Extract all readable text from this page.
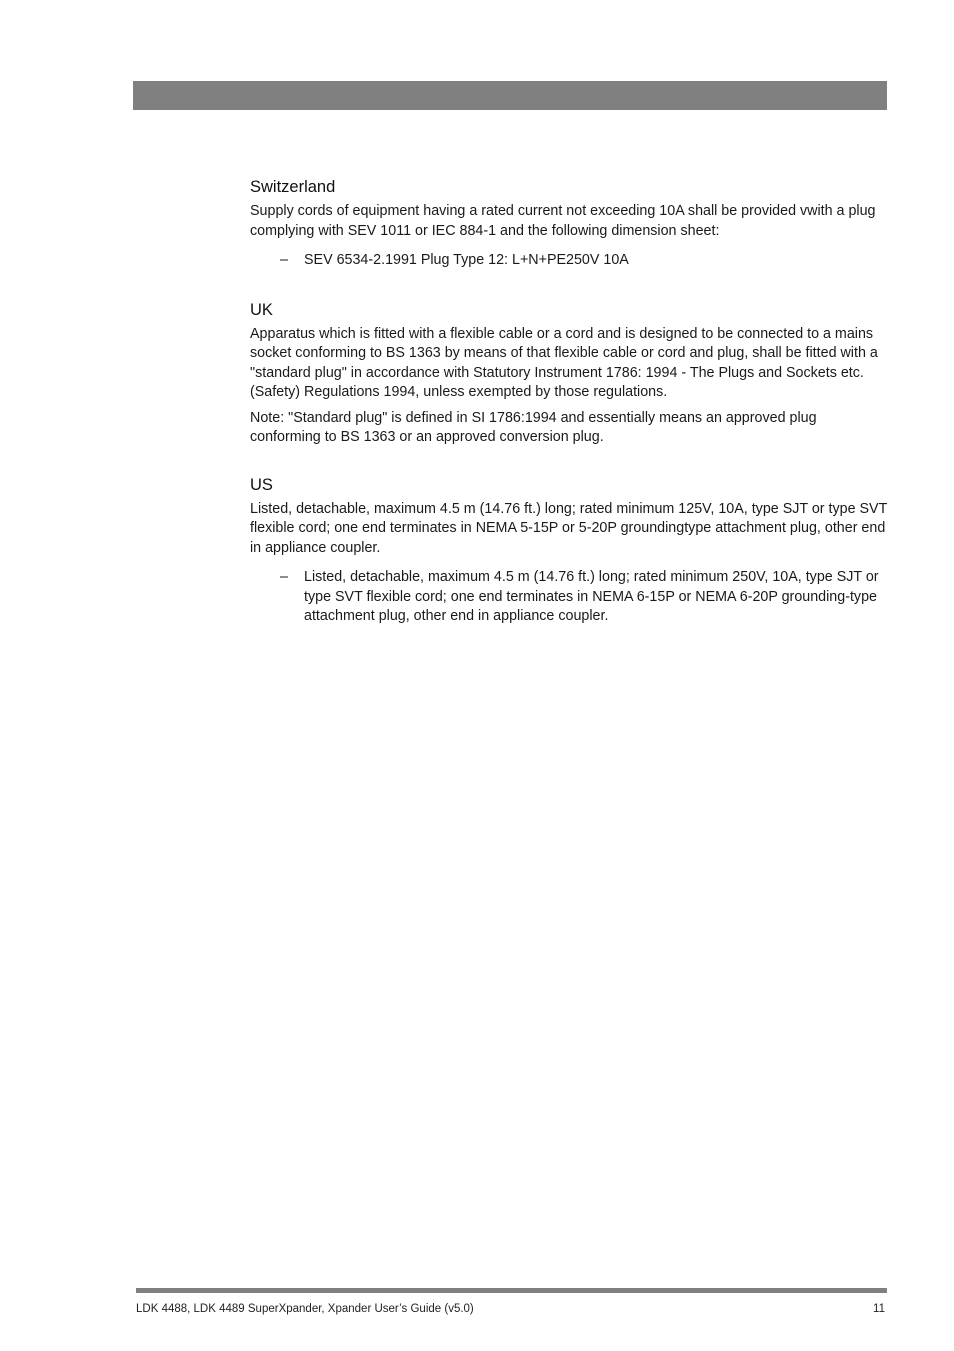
Switzerland

Supply cords of equipment having a rated current not exceeding 10A shall be provided vwith a plug complying with SEV 1011 or IEC 884-1 and the following dimension sheet:

– SEV 6534-2.1991 Plug Type 12: L+N+PE250V 10A
UK

Apparatus which is fitted with a flexible cable or a cord and is designed to be connected to a mains socket conforming to BS 1363 by means of that flexible cable or cord and plug, shall be fitted with a "standard plug" in accordance with Statutory Instrument 1786: 1994 - The Plugs and Sockets etc. (Safety) Regulations 1994, unless exempted by those regulations.

Note: "Standard plug" is defined in SI 1786:1994 and essentially means an approved plug conforming to BS 1363 or an approved conversion plug.

US

Listed, detachable, maximum 4.5 m (14.76 ft.) long; rated minimum 125V, 10A, type SJT or type SVT flexible cord; one end terminates in NEMA 5-15P or 5-20P groundingtype attachment plug, other end in appliance coupler.

– Listed, detachable, maximum 4.5 m (14.76 ft.) long; rated minimum 250V, 10A, type SJT or type SVT flexible cord; one end terminates in NEMA 6-15P or NEMA 6-20P grounding-type attachment plug, other end in appliance coupler.
LDK 4488, LDK 4489 SuperXpander, Xpander User’s Guide (v5.0)	11
